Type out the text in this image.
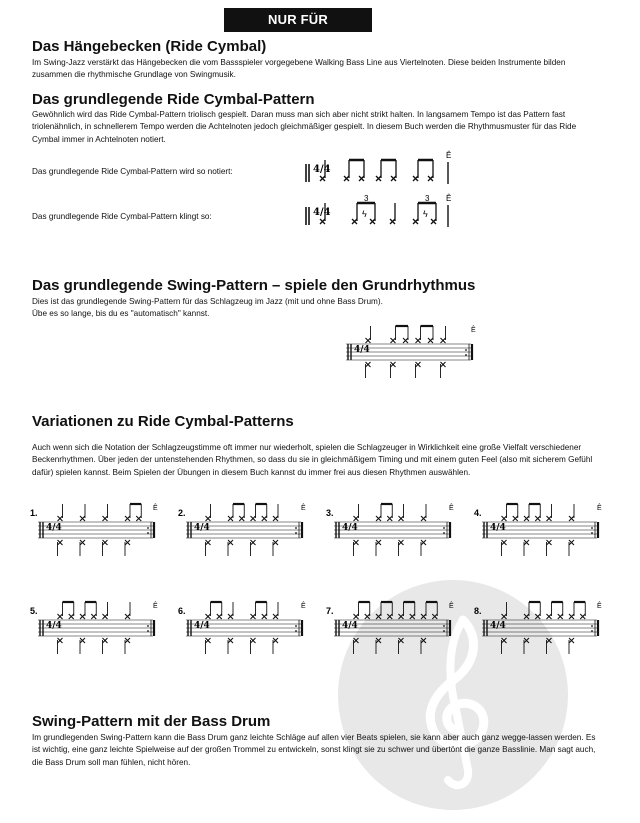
NUR FÜR SCHLAGZEUG
Das Hängebecken (Ride Cymbal)

Im Swing-Jazz verstärkt das Hängebecken die vom Bassspieler vorgegebene Walking Bass Line aus Viertelnoten. Diese beiden Instrumente bilden zusammen die rhythmische Grundlage von Swingmusik.

Das grundlegende Ride Cymbal-Pattern

Gewöhnlich wird das Ride Cymbal-Pattern triolisch gespielt. Daran muss man sich aber nicht strikt halten. In langsamem Tempo ist das Pattern fast triolenähnlich, in schnellerem Tempo werden die Achtelnoten jedoch gleichmäßiger gespielt. In diesem Buch werden die Rhythmusmuster für das Ride Cymbal immer in Achtelnoten notiert.

Das grundlegende Ride Cymbal-Pattern wird so notiert:
Das grundlegende Ride Cymbal-Pattern klingt so:
4/4
Ê
4/4	ϟ	ϟ
3	3 Ê
Das grundlegende Swing-Pattern – spiele den Grundrhythmus

Dies ist das grundlegende Swing-Pattern für das Schlagzeug im Jazz (mit und ohne Bass Drum).

Übe es so lange, bis du es "automatisch" kannst.

4/4
Ê
Variationen zu Ride Cymbal-Patterns

Auch wenn sich die Notation der Schlagzeugstimme oft immer nur wiederholt, spielen die Schlagzeuger in Wirklichkeit eine große Vielfalt verschiedener Beckenrhythmen. Über jeden der untenstehenden Rhythmen, so dass du sie in gleichmäßigem Timing und mit einem guten Feel (also mit sicherem Gefühl dafür) spielen kannst. Beim Spielen der Übungen in diesem Buch kannst du immer frei aus diesen Rhythmen auswählen.

1.
4/4
Ê 2.
4/4
Ê 3.
4/4
Ê 4.
4/4
Ê
5.
4/4
Ê 6.
4/4
Ê 7.
4/4
Ê 8.
4/4
Ê
Swing-Pattern mit der Bass Drum

Im grundlegenden Swing-Pattern kann die Bass Drum ganz leichte Schläge auf allen vier Beats spielen, sie kann aber auch ganz wegge-lassen werden. Es ist wichtig, eine ganz leichte Spielweise auf der großen Trommel zu entwickeln, sonst klingt sie zu schwer und übertönt die ganze Basslinie. Man sagt auch, die Bass Drum soll man fühlen, nicht hören.
